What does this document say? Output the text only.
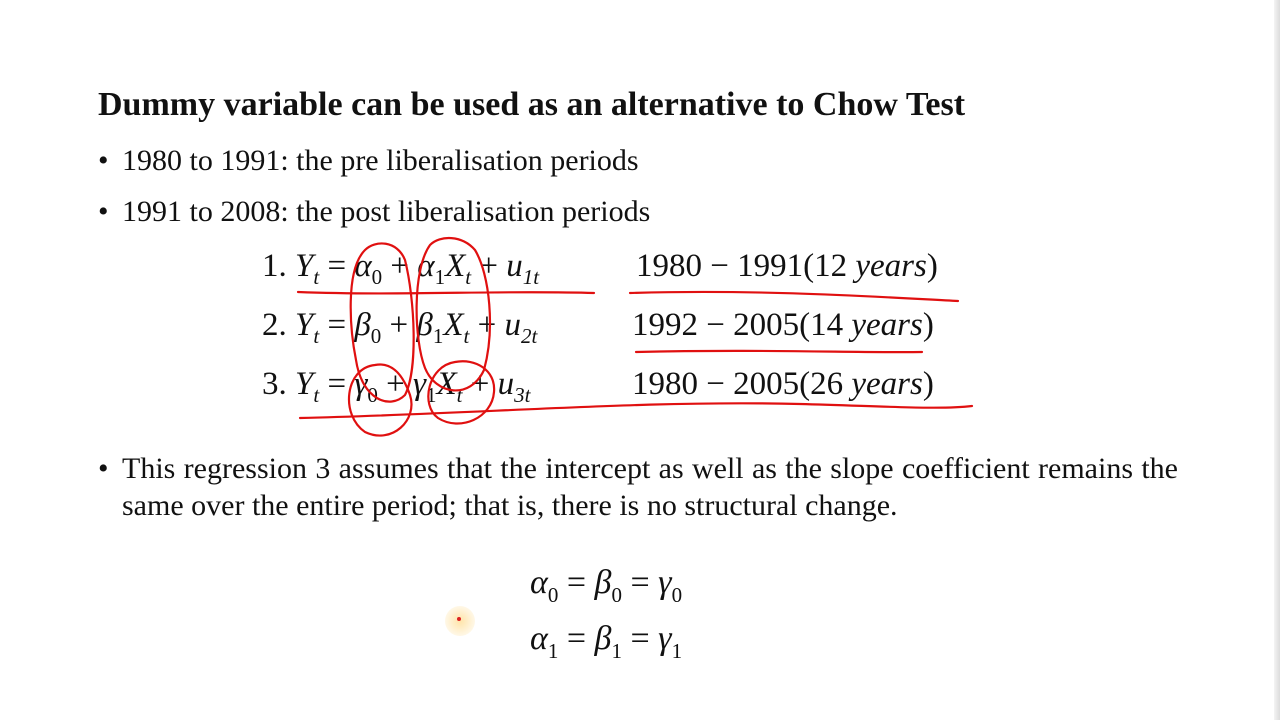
Dummy variable can be used as an alternative to Chow Test
• 1980 to 1991: the pre liberalisation periods
• 1991 to 2008: the post liberalisation periods
1. $Y_t = \alpha_0 + \alpha_1X_t + u_{1t}$	1980 − 1991(12 years)
2. $Y_t = \beta_0 + \beta_1X_t + u_{2t}$	1992 − 2005(14 years)
3. $Y_t = \gamma_0 + \gamma_1X_t + u_{3t}$	1980 − 2005(26 years)
• This regression 3 assumes that the intercept as well as the slope coefficient remains the same over the entire period; that is, there is no structural change.
$\alpha_0 = \beta_0 = \gamma_0$
$\alpha_1 = \beta_1 = \gamma_1$
